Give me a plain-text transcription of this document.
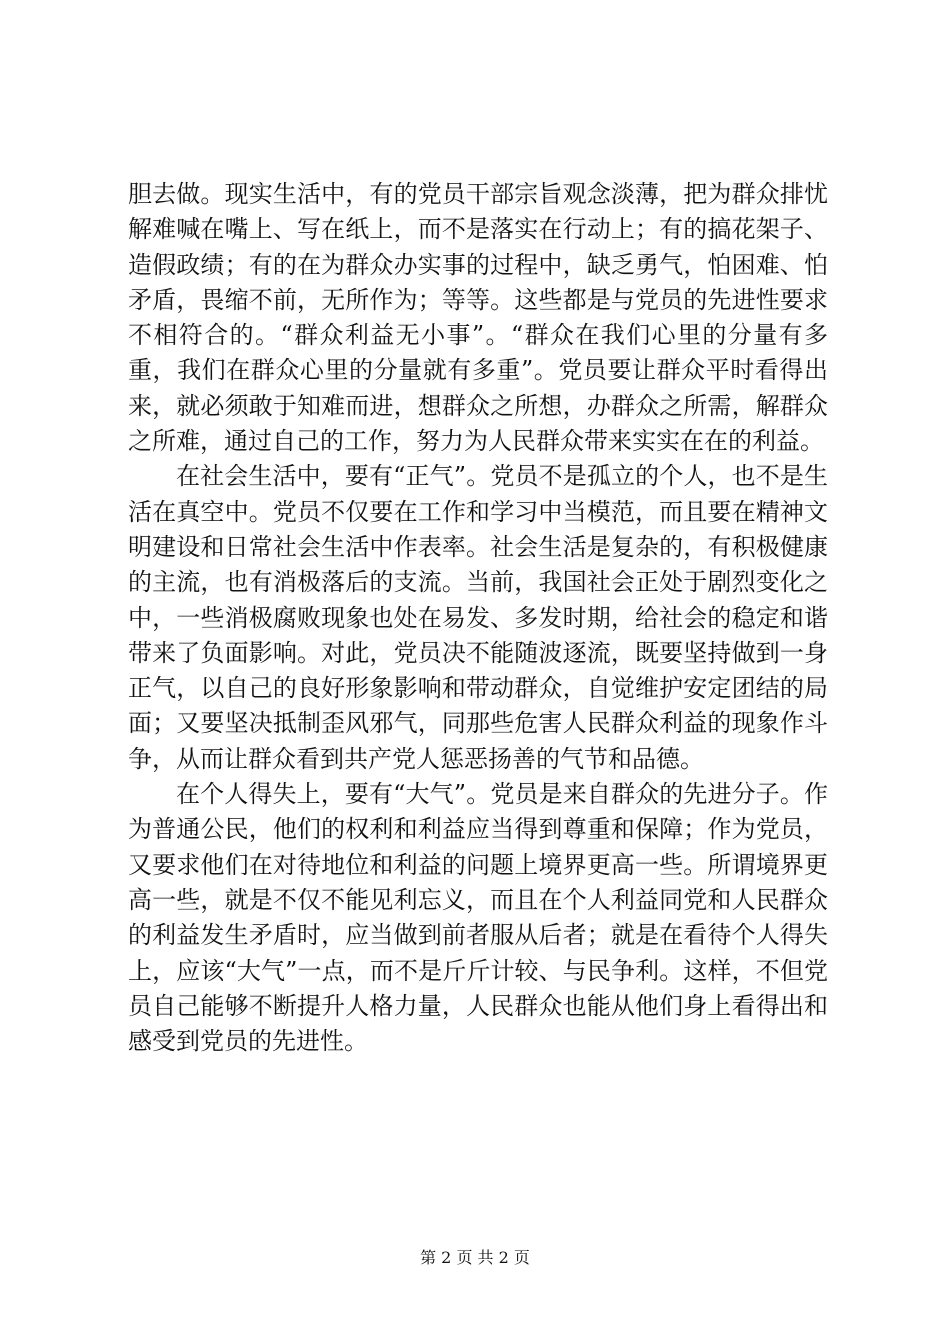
胆去做。现实生活中，有的党员干部宗旨观念淡薄，把为群众排忧解难喊在嘴上、写在纸上，而不是落实在行动上；有的搞花架子、造假政绩；有的在为群众办实事的过程中，缺乏勇气，怕困难、怕矛盾，畏缩不前，无所作为；等等。这些都是与党员的先进性要求不相符合的。“群众利益无小事”。“群众在我们心里的分量有多重，我们在群众心里的分量就有多重”。党员要让群众平时看得出来，就必须敢于知难而进，想群众之所想，办群众之所需，解群众之所难，通过自己的工作，努力为人民群众带来实实在在的利益。

在社会生活中，要有“正气”。党员不是孤立的个人，也不是生活在真空中。党员不仅要在工作和学习中当模范，而且要在精神文明建设和日常社会生活中作表率。社会生活是复杂的，有积极健康的主流，也有消极落后的支流。当前，我国社会正处于剧烈变化之中，一些消极腐败现象也处在易发、多发时期，给社会的稳定和谐带来了负面影响。对此，党员决不能随波逐流，既要坚持做到一身正气，以自己的良好形象影响和带动群众，自觉维护安定团结的局面；又要坚决抵制歪风邪气，同那些危害人民群众利益的现象作斗争，从而让群众看到共产党人惩恶扬善的气节和品德。

在个人得失上，要有“大气”。党员是来自群众的先进分子。作为普通公民，他们的权利和利益应当得到尊重和保障；作为党员，又要求他们在对待地位和利益的问题上境界更高一些。所谓境界更高一些，就是不仅不能见利忘义，而且在个人利益同党和人民群众的利益发生矛盾时，应当做到前者服从后者；就是在看待个人得失上，应该“大气”一点，而不是斤斤计较、与民争利。这样，不但党员自己能够不断提升人格力量，人民群众也能从他们身上看得出和感受到党员的先进性。

第 2 页 共 2 页
